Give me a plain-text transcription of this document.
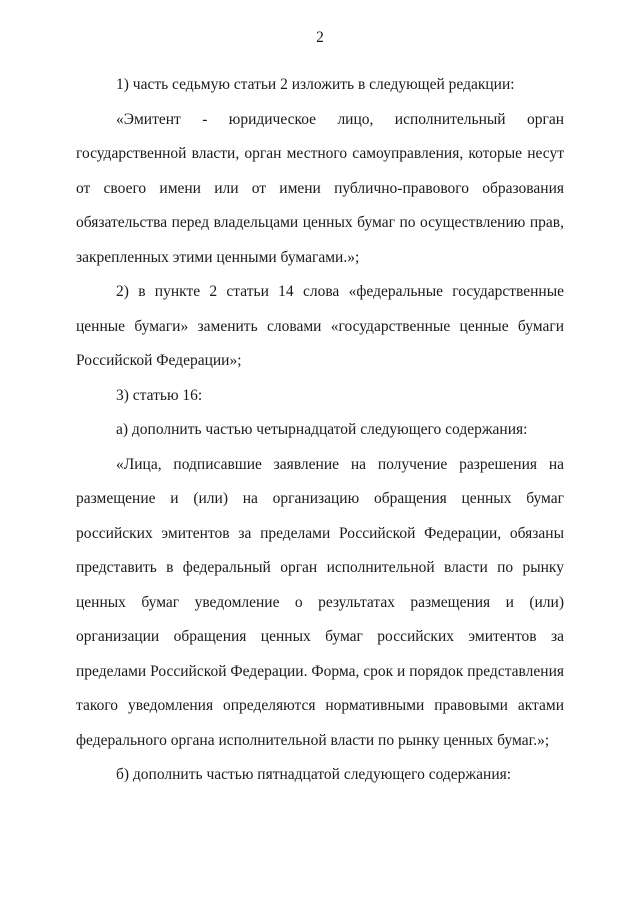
2

1) часть седьмую статьи 2 изложить в следующей редакции:

«Эмитент - юридическое лицо, исполнительный орган государственной власти, орган местного самоуправления, которые несут от своего имени или от имени публично-правового образования обязательства перед владельцами ценных бумаг по осуществлению прав, закрепленных этими ценными бумагами.»;

2) в пункте 2 статьи 14 слова «федеральные государственные ценные бумаги» заменить словами «государственные ценные бумаги Российской Федерации»;

3) статью 16:

а) дополнить частью четырнадцатой следующего содержания:

«Лица, подписавшие заявление на получение разрешения на размещение и (или) на организацию обращения ценных бумаг российских эмитентов за пределами Российской Федерации, обязаны представить в федеральный орган исполнительной власти по рынку ценных бумаг уведомление о результатах размещения и (или) организации обращения ценных бумаг российских эмитентов за пределами Российской Федерации. Форма, срок и порядок представления такого уведомления определяются нормативными правовыми актами федерального органа исполнительной власти по рынку ценных бумаг.»;

б) дополнить частью пятнадцатой следующего содержания:
